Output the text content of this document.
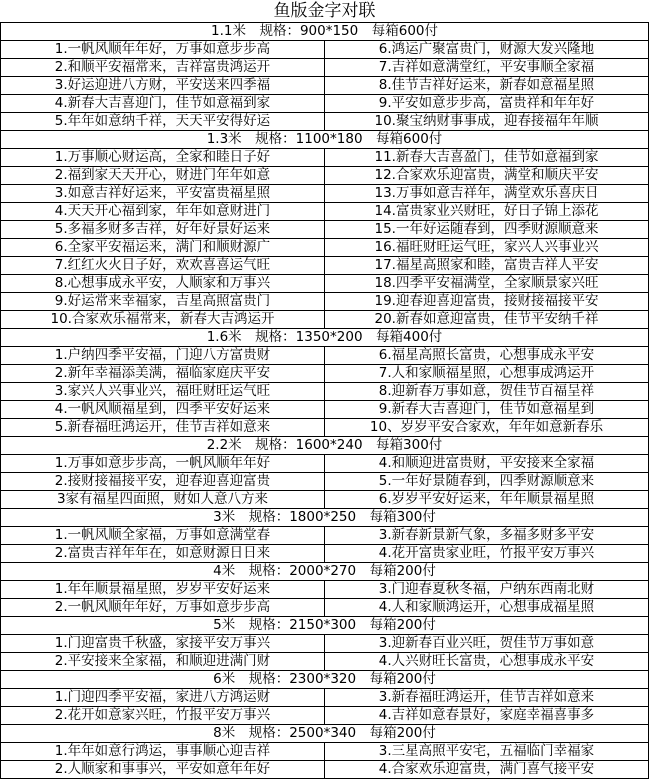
鱼版金字对联
1.1米　规格：900*150　每箱600付	
1.一帆风顺年年好，万事如意步步高	6.鸿运广聚富贵门，财源大发兴隆地
2.和顺平安福常来，吉祥富贵鸿运开	7.吉祥如意满堂红，平安事顺全家福
3.好运迎进八方财，平安送来四季福	8.佳节吉祥好运来，新春如意福星照
4.新春大吉喜迎门，佳节如意福到家	9.平安如意步步高，富贵祥和年年好
5.年年如意纳千祥，天天平安得好运	10.聚宝纳财事事成，迎春接福年年顺
1.3米　规格：1100*180　每箱600付	
1.万事顺心财运高，全家和睦日子好	11.新春大吉喜盈门，佳节如意福到家
2.福到家天天开心，财进门年年如意	12.合家欢乐迎富贵，满堂和顺庆平安
3.如意吉祥好运来，平安富贵福星照	13.万事如意吉祥年，满堂欢乐喜庆日
4.天天开心福到家，年年如意财进门	14.富贵家业兴财旺，好日子锦上添花
5.多福多财多吉祥，好年好景好运来	15.一年好运随春到，四季财源顺意来
6.全家平安福运来，满门和顺财源广	16.福旺财旺运气旺，家兴人兴事业兴
7.红红火火日子好，欢欢喜喜运气旺	17.福星高照家和睦，富贵吉祥人平安
8.心想事成永平安，人顺家和万事兴	18.四季平安福满堂，全家顺景家兴旺
9.好运常来幸福家，吉星高照富贵门	19.迎春迎喜迎富贵，接财接福接平安
10.合家欢乐福常来，新春大吉鸿运开	20.新春如意迎富贵，佳节平安纳千祥
1.6米　规格：1350*200　每箱400付	
1.户纳四季平安福，门迎八方富贵财	6.福星高照长富贵，心想事成永平安
2.新年幸福添美满，福临家庭庆平安	7.人和家顺福星照，心想事成鸿运开
3.家兴人兴事业兴，福旺财旺运气旺	8.迎新春万事如意，贺佳节百福呈祥
4.一帆风顺福星到，四季平安好运来	9.新春大吉喜迎门，佳节如意福星到
5.新春福旺鸿运开，佳节吉祥如意来	10、岁岁平安合家欢，年年如意新春乐
2.2米　规格：1600*240　每箱300付	
1.万事如意步步高，一帆风顺年年好	4.和顺迎进富贵财，平安接来全家福
2.接财接福接平安，迎春迎喜迎富贵	5.一年好景随春到，四季财源顺意来
3家有福星四面照，财如人意八方来	6.岁岁平安好运来，年年顺景福星照
3米　规格：1800*250　每箱300付	
1.一帆风顺全家福，万事如意满堂春	3.新春新景新气象，多福多财多平安
2.富贵吉祥年年在，如意财源日日来	4.花开富贵家业旺，竹报平安万事兴
4米　规格：2000*270　每箱200付	
1.年年顺景福星照，岁岁平安好运来	3.门迎春夏秋冬福，户纳东西南北财
2.一帆风顺年年好，万事如意步步高	4.人和家顺鸿运开，心想事成福星照
5米　规格：2150*300　每箱200付	
1.门迎富贵千秋盛，家接平安万事兴	3.迎新春百业兴旺，贺佳节万事如意
2.平安接来全家福，和顺迎进满门财	4.人兴财旺长富贵，心想事成永平安
6米　规格：2300*320　每箱200付	
1.门迎四季平安福，家进八方鸿运财	3.新春福旺鸿运开，佳节吉祥如意来
2.花开如意家兴旺，竹报平安万事兴	4.吉祥如意春景好，家庭幸福喜事多
8米　规格：2500*340　每箱200付	
1.年年如意行鸿运，事事顺心迎吉祥	3.三星高照平安宅，五福临门幸福家
2.人顺家和事事兴，平安如意年年好	4.合家欢乐迎富贵，满门喜气接平安
